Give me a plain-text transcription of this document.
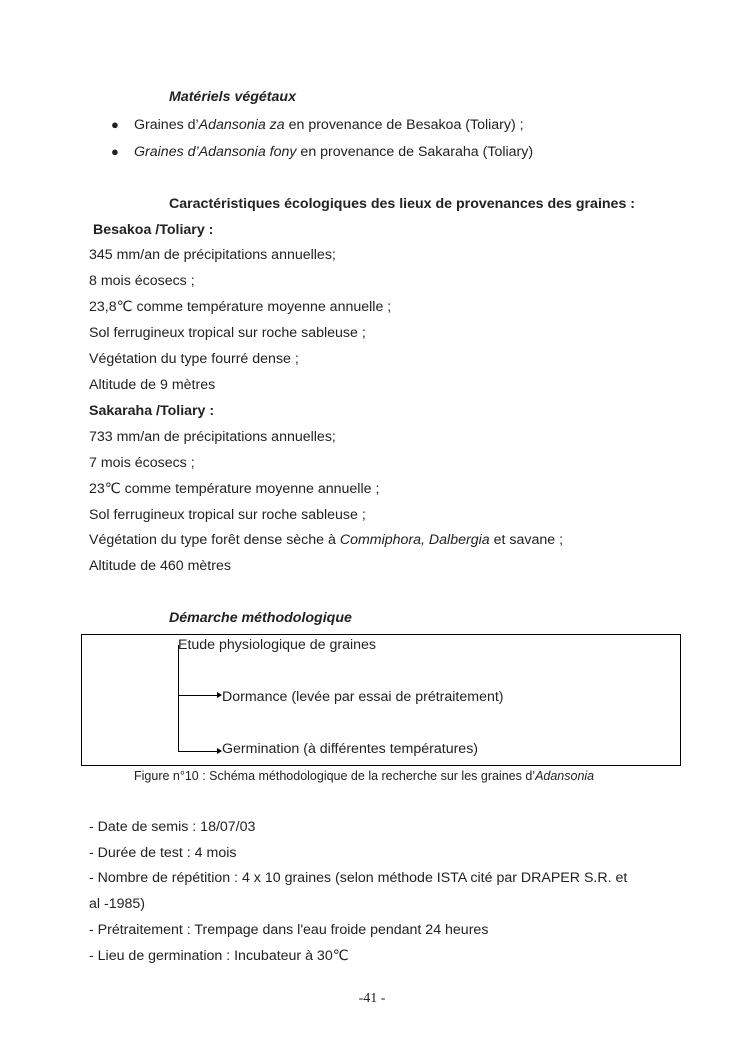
Matériels végétaux
● Graines d’Adansonia za en provenance de Besakoa (Toliary) ;
● Graines d’Adansonia fony en provenance de Sakaraha (Toliary)
Caractéristiques écologiques des lieux de provenances des graines :
Besakoa /Toliary :
345 mm/an de précipitations annuelles;
8 mois écosecs ;
23,8℃ comme température moyenne annuelle ;
Sol ferrugineux tropical sur roche sableuse ;
Végétation du type fourré dense ;
Altitude de 9 mètres
Sakaraha /Toliary :
733 mm/an de précipitations annuelles;
7 mois écosecs ;
23℃ comme température moyenne annuelle ;
Sol ferrugineux tropical sur roche sableuse ;
Végétation du type forêt dense sèche à Commiphora, Dalbergia et savane ;
Altitude de 460 mètres
Démarche méthodologique
Etude physiologique de graines
Dormance (levée par essai de prétraitement)
Germination (à différentes températures)
Figure n°10 : Schéma méthodologique de la recherche sur les graines d’Adansonia
- Date de semis : 18/07/03
- Durée de test : 4 mois
- Nombre de répétition : 4 x 10 graines (selon méthode ISTA cité par DRAPER S.R. et
al -1985)
- Prétraitement : Trempage dans l'eau froide pendant 24 heures
- Lieu de germination : Incubateur à 30℃
-41 -
